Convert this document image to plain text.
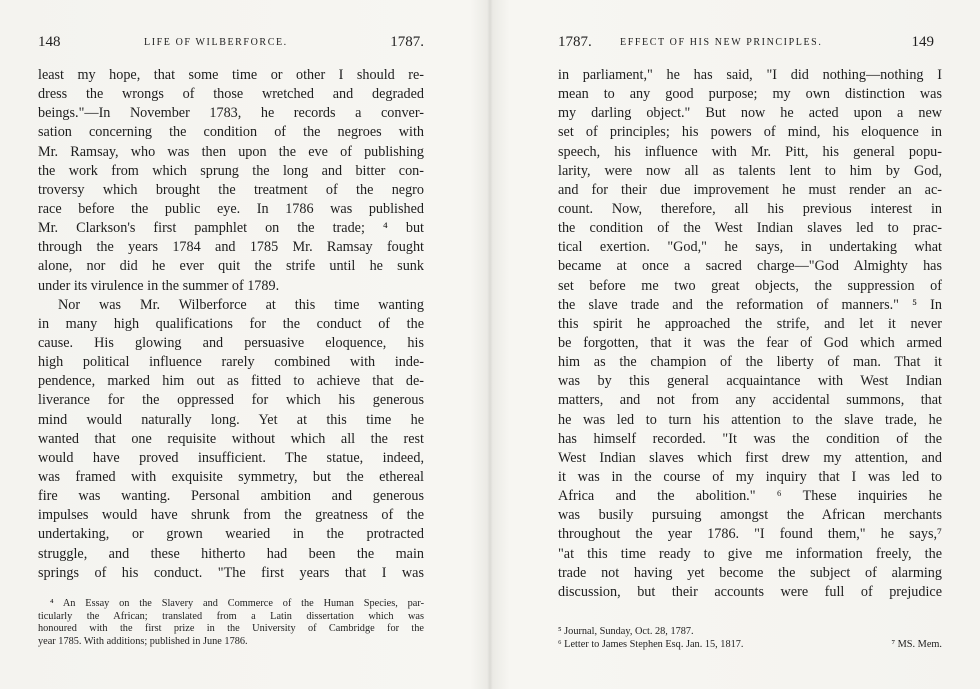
148	LIFE OF WILBERFORCE.	1787.
least my hope, that some time or other I should re-
dress the wrongs of those wretched and degraded
beings."—In November 1783, he records a conver-
sation concerning the condition of the negroes with
Mr. Ramsay, who was then upon the eve of publishing
the work from which sprung the long and bitter con-
troversy which brought the treatment of the negro
race before the public eye. In 1786 was published
Mr. Clarkson's first pamphlet on the trade; ⁴ but
through the years 1784 and 1785 Mr. Ramsay fought
alone, nor did he ever quit the strife until he sunk
under its virulence in the summer of 1789.
Nor was Mr. Wilberforce at this time wanting
in many high qualifications for the conduct of the
cause. His glowing and persuasive eloquence, his
high political influence rarely combined with inde-
pendence, marked him out as fitted to achieve that de-
liverance for the oppressed for which his generous
mind would naturally long. Yet at this time he
wanted that one requisite without which all the rest
would have proved insufficient. The statue, indeed,
was framed with exquisite symmetry, but the ethereal
fire was wanting. Personal ambition and generous
impulses would have shrunk from the greatness of the
undertaking, or grown wearied in the protracted
struggle, and these hitherto had been the main
springs of his conduct. "The first years that I was
⁴ An Essay on the Slavery and Commerce of the Human Species, par-
ticularly the African; translated from a Latin dissertation which was
honoured with the first prize in the University of Cambridge for the
year 1785. With additions; published in June 1786.
1787.	EFFECT OF HIS NEW PRINCIPLES.	149
in parliament," he has said, "I did nothing—nothing I
mean to any good purpose; my own distinction was
my darling object." But now he acted upon a new
set of principles; his powers of mind, his eloquence in
speech, his influence with Mr. Pitt, his general popu-
larity, were now all as talents lent to him by God,
and for their due improvement he must render an ac-
count. Now, therefore, all his previous interest in
the condition of the West Indian slaves led to prac-
tical exertion. "God," he says, in undertaking what
became at once a sacred charge—"God Almighty has
set before me two great objects, the suppression of
the slave trade and the reformation of manners." ⁵ In
this spirit he approached the strife, and let it never
be forgotten, that it was the fear of God which armed
him as the champion of the liberty of man. That it
was by this general acquaintance with West Indian
matters, and not from any accidental summons, that
he was led to turn his attention to the slave trade, he
has himself recorded. "It was the condition of the
West Indian slaves which first drew my attention, and
it was in the course of my inquiry that I was led to
Africa and the abolition." ⁶ These inquiries he
was busily pursuing amongst the African merchants
throughout the year 1786. "I found them," he says,⁷
"at this time ready to give me information freely, the
trade not having yet become the subject of alarming
discussion, but their accounts were full of prejudice
⁵ Journal, Sunday, Oct. 28, 1787.
⁶ Letter to James Stephen Esq. Jan. 15, 1817.	⁷ MS. Mem.
